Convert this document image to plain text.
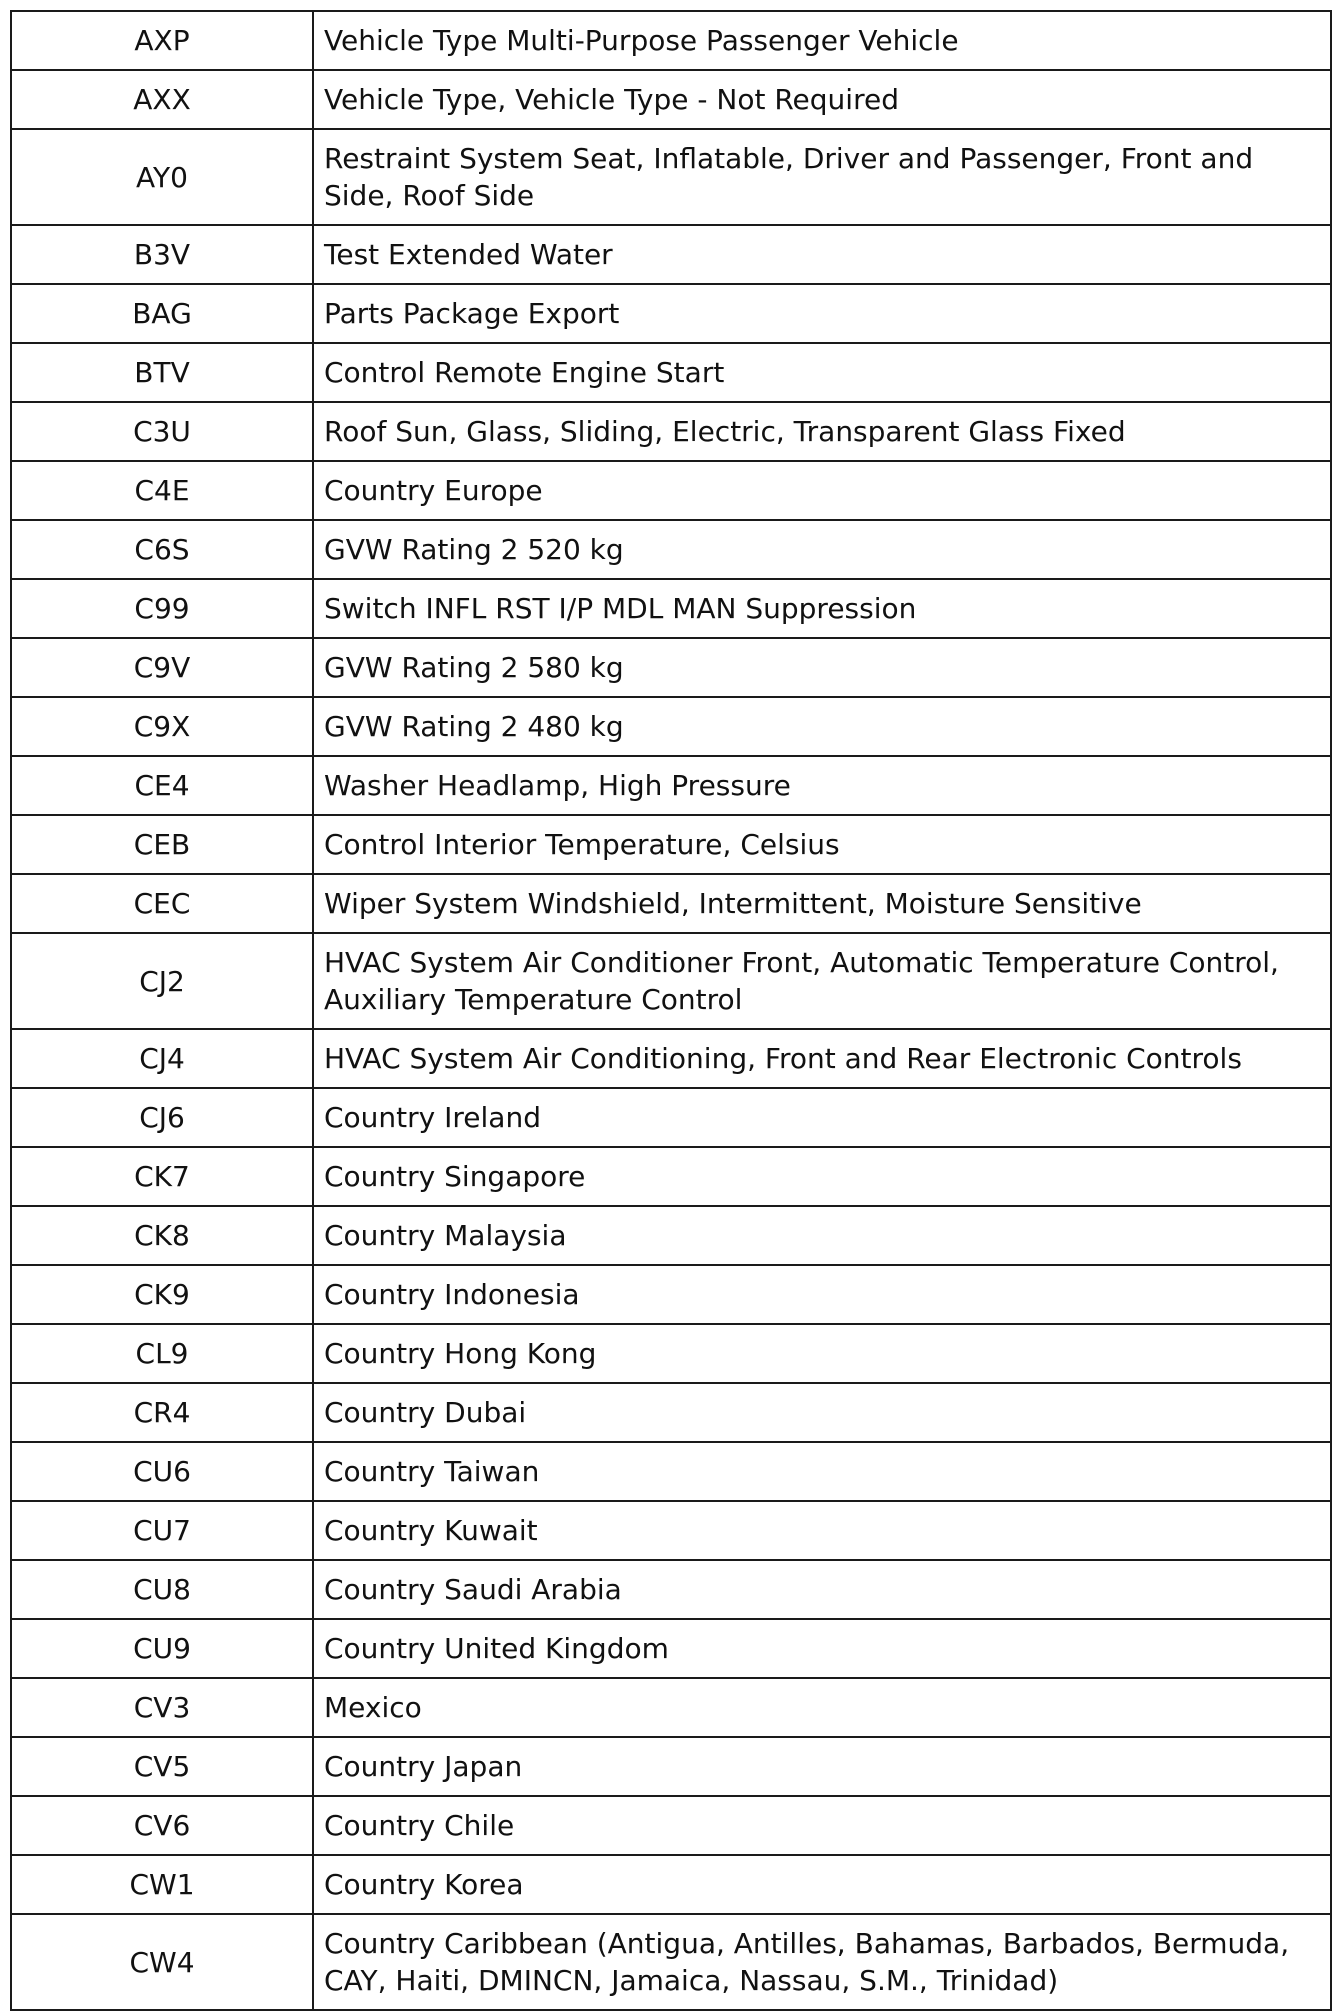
AXP	Vehicle Type Multi-Purpose Passenger Vehicle
AXX	Vehicle Type, Vehicle Type - Not Required
AY0	Restraint System Seat, Inflatable, Driver and Passenger, Front and Side, Roof Side
B3V	Test Extended Water
BAG	Parts Package Export
BTV	Control Remote Engine Start
C3U	Roof Sun, Glass, Sliding, Electric, Transparent Glass Fixed
C4E	Country Europe
C6S	GVW Rating 2 520 kg
C99	Switch INFL RST I/P MDL MAN Suppression
C9V	GVW Rating 2 580 kg
C9X	GVW Rating 2 480 kg
CE4	Washer Headlamp, High Pressure
CEB	Control Interior Temperature, Celsius
CEC	Wiper System Windshield, Intermittent, Moisture Sensitive
CJ2	HVAC System Air Conditioner Front, Automatic Temperature Control, Auxiliary Temperature Control
CJ4	HVAC System Air Conditioning, Front and Rear Electronic Controls
CJ6	Country Ireland
CK7	Country Singapore
CK8	Country Malaysia
CK9	Country Indonesia
CL9	Country Hong Kong
CR4	Country Dubai
CU6	Country Taiwan
CU7	Country Kuwait
CU8	Country Saudi Arabia
CU9	Country United Kingdom
CV3	Mexico
CV5	Country Japan
CV6	Country Chile
CW1	Country Korea
CW4	Country Caribbean (Antigua, Antilles, Bahamas, Barbados, Bermuda, CAY, Haiti, DMINCN, Jamaica, Nassau, S.M., Trinidad)
